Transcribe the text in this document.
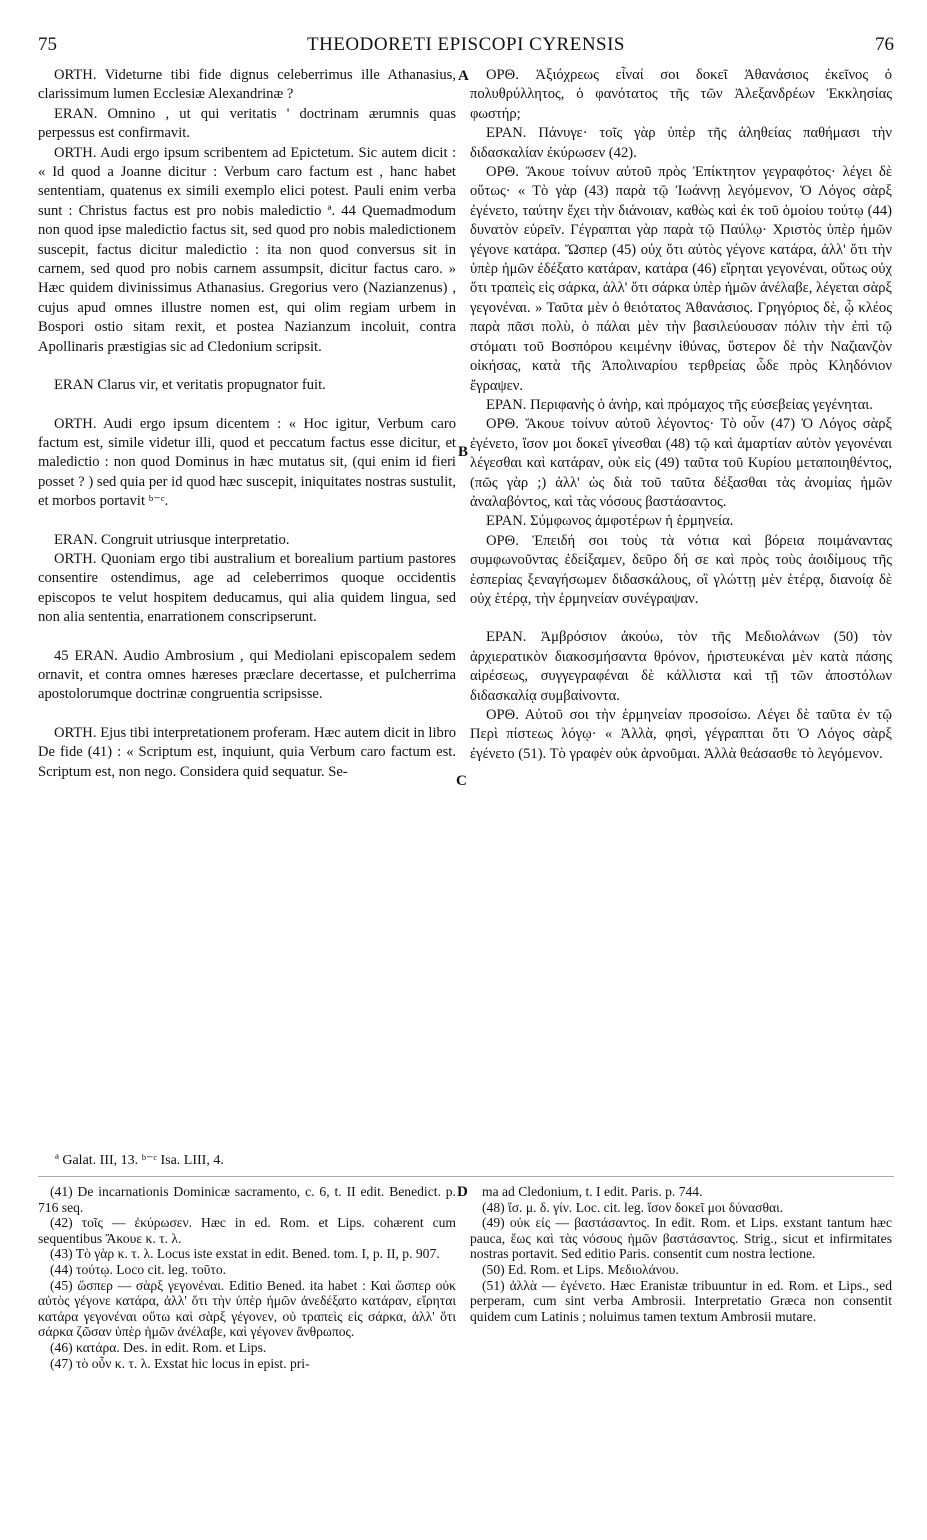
75	THEODORETI EPISCOPI CYRENSIS	76
A
B
C
D

ORTH. Videturne tibi fide dignus celeberrimus ille Athanasius, clarissimum lumen Ecclesiæ Alexandrinæ ?

ERAN. Omnino , ut qui veritatis ' doctrinam ærumnis quas perpessus est confirmavit.

ORTH. Audi ergo ipsum scribentem ad Epictetum. Sic autem dicit : « Id quod a Joanne dicitur : Verbum caro factum est , hanc habet sententiam, quatenus ex simili exemplo elici potest. Pauli enim verba sunt : Christus factus est pro nobis maledictio ª. 44 Quemadmodum non quod ipse maledictio factus sit, sed quod pro nobis maledictionem suscepit, factus dicitur maledictio : ita non quod conversus sit in carnem, sed quod pro nobis carnem assumpsit, dicitur factus caro. » Hæc quidem divinissimus Athanasius. Gregorius vero (Nazianzenus) , cujus apud omnes illustre nomen est, qui olim regiam urbem in Bospori ostio sitam rexit, et postea Nazianzum incoluit, contra Apollinaris præstigias sic ad Cledonium scripsit.

ERAN Clarus vir, et veritatis propugnator fuit.

ORTH. Audi ergo ipsum dicentem : « Hoc igitur, Verbum caro factum est, simile videtur illi, quod et peccatum factus esse dicitur, et maledictio : non quod Dominus in hæc mutatus sit, (qui enim id fieri posset ? ) sed quia per id quod hæc suscepit, iniquitates nostras sustulit, et morbos portavit ᵇ⁻ᶜ.

ERAN. Congruit utriusque interpretatio.

ORTH. Quoniam ergo tibi australium et borealium partium pastores consentire ostendimus, age ad celeberrimos quoque occidentis episcopos te velut hospitem deducamus, qui alia quidem lingua, sed non alia sententia, enarrationem conscripserunt.

45 ERAN. Audio Ambrosium , qui Mediolani episcopalem sedem ornavit, et contra omnes hæreses præclare decertasse, et pulcherrima apostolorumque doctrinæ congruentia scripsisse.

ORTH. Ejus tibi interpretationem proferam. Hæc autem dicit in libro De fide (41) : « Scriptum est, inquiunt, quia Verbum caro factum est. Scriptum est, non nego. Considera quid sequatur. Se-

ΟΡΘ. Ἀξιόχρεως εἶναί σοι δοκεῖ Ἀθανάσιος ἐκεῖνος ὁ πολυθρύλλητος, ὁ φανότατος τῆς τῶν Ἀλεξανδρέων Ἐκκλησίας φωστήρ;

ΕΡΑΝ. Πάνυγε· τοῖς γὰρ ὑπὲρ τῆς ἀληθείας παθήμασι τὴν διδασκαλίαν ἐκύρωσεν (42).

ΟΡΘ. Ἄκουε τοίνυν αὐτοῦ πρὸς Ἐπίκτητον γεγραφότος· λέγει δὲ οὕτως· « Τὸ γὰρ (43) παρὰ τῷ Ἰωάννῃ λεγόμενον, Ὁ Λόγος σὰρξ ἐγένετο, ταύτην ἔχει τὴν διάνοιαν, καθὼς καὶ ἐκ τοῦ ὁμοίου τούτῳ (44) δυνατὸν εὑρεῖν. Γέγραπται γὰρ παρὰ τῷ Παύλῳ· Χριστὸς ὑπὲρ ἡμῶν γέγονε κατάρα. Ὥσπερ (45) οὐχ ὅτι αὐτὸς γέγονε κατάρα, ἀλλ' ὅτι τὴν ὑπὲρ ἡμῶν ἐδέξατο κατάραν, κατάρα (46) εἴρηται γεγονέναι, οὕτως οὐχ ὅτι τραπεὶς εἰς σάρκα, ἀλλ' ὅτι σάρκα ὑπὲρ ἡμῶν ἀνέλαβε, λέγεται σὰρξ γεγονέναι. » Ταῦτα μὲν ὁ θειότατος Ἀθανάσιος. Γρηγόριος δὲ, ᾧ κλέος παρὰ πᾶσι πολὺ, ὁ πάλαι μὲν τὴν βασιλεύουσαν πόλιν τὴν ἐπὶ τῷ στόματι τοῦ Βοσπόρου κειμένην ἰθύνας, ὕστερον δὲ τὴν Ναζιανζὸν οἰκήσας, κατὰ τῆς Ἀπολιναρίου τερθρείας ὧδε πρὸς Κληδόνιον ἔγραψεν.

ΕΡΑΝ. Περιφανὴς ὁ ἀνὴρ, καὶ πρόμαχος τῆς εὐσεβείας γεγένηται.

ΟΡΘ. Ἄκουε τοίνυν αὐτοῦ λέγοντος· Τὸ οὖν (47) Ὁ Λόγος σὰρξ ἐγένετο, ἴσον μοι δοκεῖ γίνεσθαι (48) τῷ καὶ ἁμαρτίαν αὐτὸν γεγονέναι λέγεσθαι καὶ κατάραν, οὐκ εἰς (49) ταῦτα τοῦ Κυρίου μεταποιηθέντος, (πῶς γὰρ ;) ἀλλ' ὡς διὰ τοῦ ταῦτα δέξασθαι τὰς ἀνομίας ἡμῶν ἀναλαβόντος, καὶ τὰς νόσους βαστάσαντος.

ΕΡΑΝ. Σύμφωνος ἀμφοτέρων ἡ ἑρμηνεία.

ΟΡΘ. Ἐπειδή σοι τοὺς τὰ νότια καὶ βόρεια ποιμάναντας συμφωνοῦντας ἐδείξαμεν, δεῦρο δή σε καὶ πρὸς τοὺς ἀοιδίμους τῆς ἑσπερίας ξεναγήσωμεν διδασκάλους, οἳ γλώττῃ μὲν ἑτέρᾳ, διανοίᾳ δὲ οὐχ ἑτέρᾳ, τὴν ἑρμηνείαν συνέγραψαν.

ΕΡΑΝ. Ἀμβρόσιον ἀκούω, τὸν τῆς Μεδιολάνων (50) τὸν ἀρχιερατικὸν διακοσμήσαντα θρόνον, ἠριστευκέναι μὲν κατὰ πάσης αἱρέσεως, συγγεγραφέναι δὲ κάλλιστα καὶ τῇ τῶν ἀποστόλων διδασκαλίᾳ συμβαίνοντα.

ΟΡΘ. Αὐτοῦ σοι τὴν ἑρμηνείαν προσοίσω. Λέγει δὲ ταῦτα ἐν τῷ Περὶ πίστεως λόγῳ· « Ἀλλὰ, φησὶ, γέγραπται ὅτι Ὁ Λόγος σὰρξ ἐγένετο (51). Τὸ γραφὲν οὐκ ἀρνοῦμαι. Ἀλλὰ θεάσασθε τὸ λεγόμενον.

ª Galat. III, 13. ᵇ⁻ᶜ Isa. LIII, 4.

(41) De incarnationis Dominicæ sacramento, c. 6, t. II edit. Benedict. p. 716 seq.

(42) τοῖς — ἐκύρωσεν. Hæc in ed. Rom. et Lips. cohærent cum sequentibus Ἄκουε κ. τ. λ.

(43) Τὸ γὰρ κ. τ. λ. Locus iste exstat in edit. Bened. tom. I, p. II, p. 907.

(44) τούτῳ. Loco cit. leg. τοῦτο.

(45) ὥσπερ — σὰρξ γεγονέναι. Editio Bened. ita habet : Καὶ ὥσπερ οὐκ αὐτὸς γέγονε κατάρα, ἀλλ' ὅτι τὴν ὑπὲρ ἡμῶν ἀνεδέξατο κατάραν, εἴρηται κατάρα γεγονέναι οὕτω καὶ σὰρξ γέγονεν, οὐ τραπεὶς εἰς σάρκα, ἀλλ' ὅτι σάρκα ζῶσαν ὑπὲρ ἡμῶν ἀνέλαβε, καὶ γέγονεν ἄνθρωπος.

(46) κατάρα. Des. in edit. Rom. et Lips.

(47) τὸ οὖν κ. τ. λ. Exstat hic locus in epist. pri-

ma ad Cledonium, t. I edit. Paris. p. 744.

(48) ἴσ. μ. δ. γίν. Loc. cit. leg. ἴσον δοκεῖ μοι δύνασθαι.

(49) οὐκ εἰς — βαστάσαντος. In edit. Rom. et Lips. exstant tantum hæc pauca, ἕως καὶ τὰς νόσους ἡμῶν βαστάσαντος. Strig., sicut et infirmitates nostras portavit. Sed editio Paris. consentit cum nostra lectione.

(50) Ed. Rom. et Lips. Μεδιολάνου.

(51) ἀλλὰ — ἐγένετο. Hæc Eranistæ tribuuntur in ed. Rom. et Lips., sed perperam, cum sint verba Ambrosii. Interpretatio Græca non consentit quidem cum Latinis ; noluimus tamen textum Ambrosii mutare.
